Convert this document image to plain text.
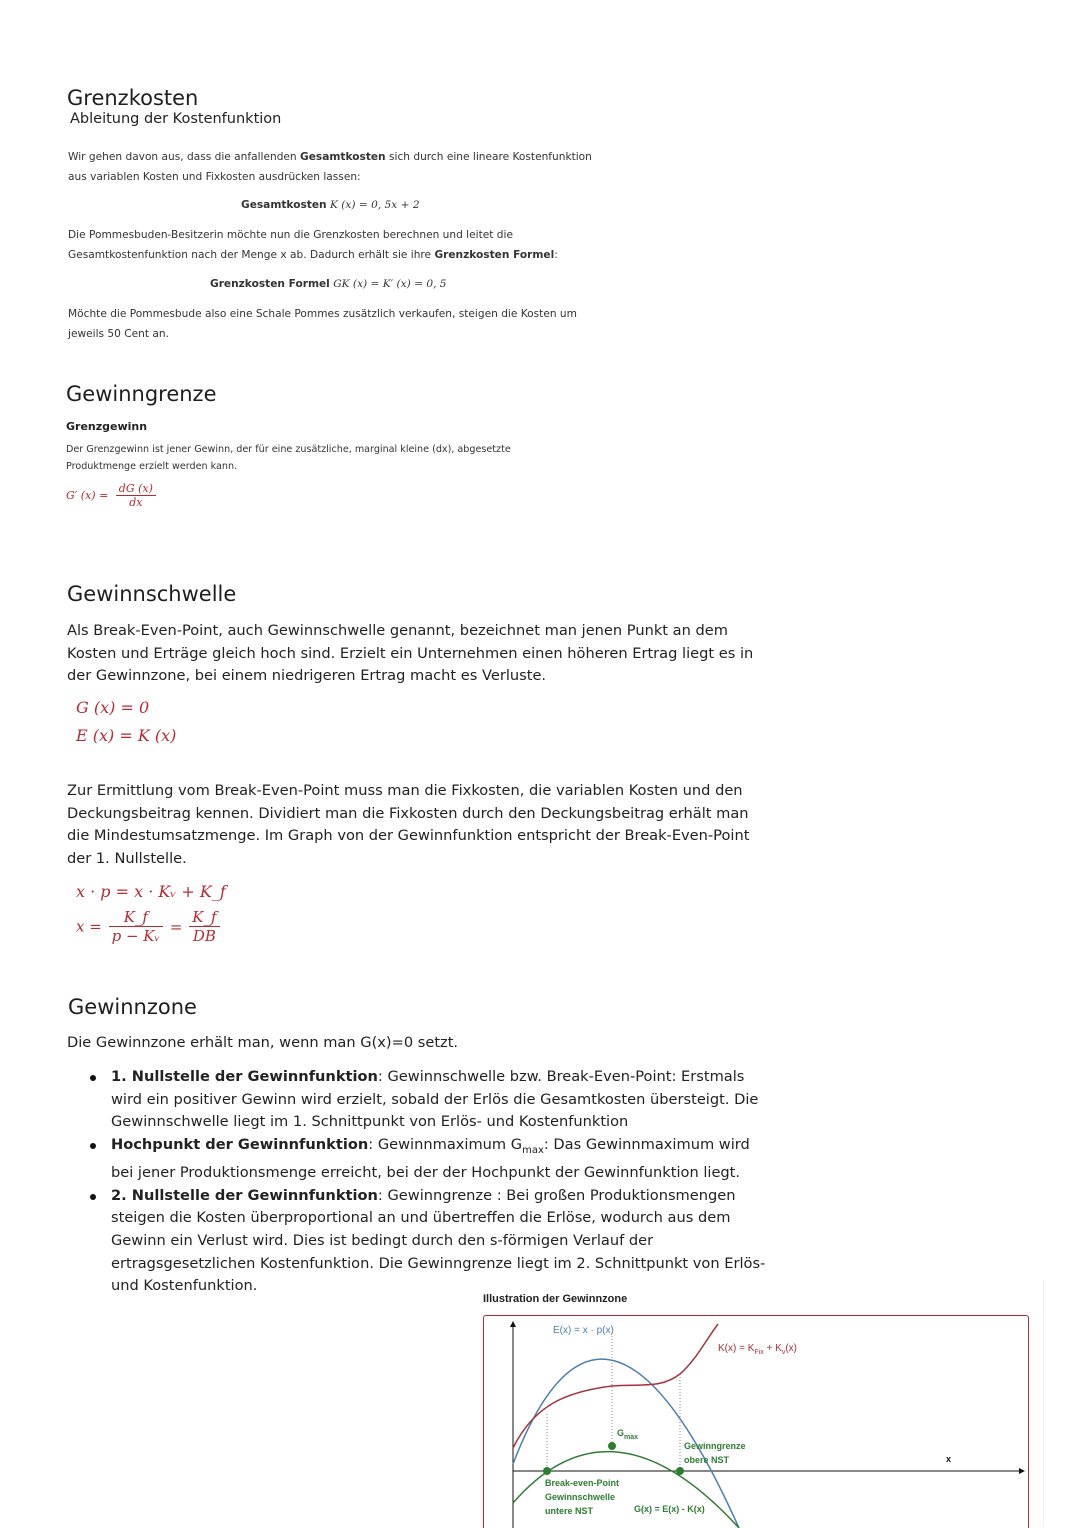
Grenzkosten
Ableitung der Kostenfunktion
Wir gehen davon aus, dass die anfallenden Gesamtkosten sich durch eine lineare Kostenfunktion aus variablen Kosten und Fixkosten ausdrücken lassen:
Gesamtkosten K (x) = 0, 5x + 2
Die Pommesbuden-Besitzerin möchte nun die Grenzkosten berechnen und leitet die Gesamtkostenfunktion nach der Menge x ab. Dadurch erhält sie ihre Grenzkosten Formel:
Grenzkosten Formel GK (x) = K′ (x) = 0, 5
Möchte die Pommesbude also eine Schale Pommes zusätzlich verkaufen, steigen die Kosten um jeweils 50 Cent an.
Gewinngrenze
Grenzgewinn
Der Grenzgewinn ist jener Gewinn, der für eine zusätzliche, marginal kleine (dx), abgesetzte Produktmenge erzielt werden kann.
G′ $(x) = \frac{dG (x)}{dx}$
Gewinnschwelle
Als Break-Even-Point, auch Gewinnschwelle genannt, bezeichnet man jenen Punkt an dem Kosten und Erträge gleich hoch sind. Erzielt ein Unternehmen einen höheren Ertrag liegt es in der Gewinnzone, bei einem niedrigeren Ertrag macht es Verluste.
G (x) = 0
E (x) = K (x)
Zur Ermittlung vom Break-Even-Point muss man die Fixkosten, die variablen Kosten und den Deckungsbeitrag kennen. Dividiert man die Fixkosten durch den Deckungsbeitrag erhält man die Mindestumsatzmenge. Im Graph von der Gewinnfunktion entspricht der Break-Even-Point der 1. Nullstelle.
x · p = x · Kᵥ + K_f
$x = \frac{K\_f}{\text{p − Kᵥ}} = \frac{K\_f}{DB}$
Gewinnzone
Die Gewinnzone erhält man, wenn man G(x)=0 setzt.
1. Nullstelle der Gewinnfunktion: Gewinnschwelle bzw. Break-Even-Point: Erstmals wird ein positiver Gewinn wird erzielt, sobald der Erlös die Gesamtkosten übersteigt. Die Gewinnschwelle liegt im 1. Schnittpunkt von Erlös- und Kostenfunktion
Hochpunkt der Gewinnfunktion: Gewinnmaximum $G_{max}$: Das Gewinnmaximum wird bei jener Produktionsmenge erreicht, bei der der Hochpunkt der Gewinnfunktion liegt.
2. Nullstelle der Gewinnfunktion: Gewinngrenze : Bei großen Produktionsmengen steigen die Kosten überproportional an und übertreffen die Erlöse, wodurch aus dem Gewinn ein Verlust wird. Dies ist bedingt durch den s-förmigen Verlauf der ertragsgesetzlichen Kostenfunktion. Die Gewinngrenze liegt im 2. Schnittpunkt von Erlös- und Kostenfunktion.
Illustration der Gewinnzone
E(x) = x · p(x)
$K(x) = K_{Fix} + K_v(x)$
$G_{max}$
Gewinngrenze
obere NST	x
Break-even-Point
Gewinnschwelle
untere NST	G(x) = E(x) - K(x)
